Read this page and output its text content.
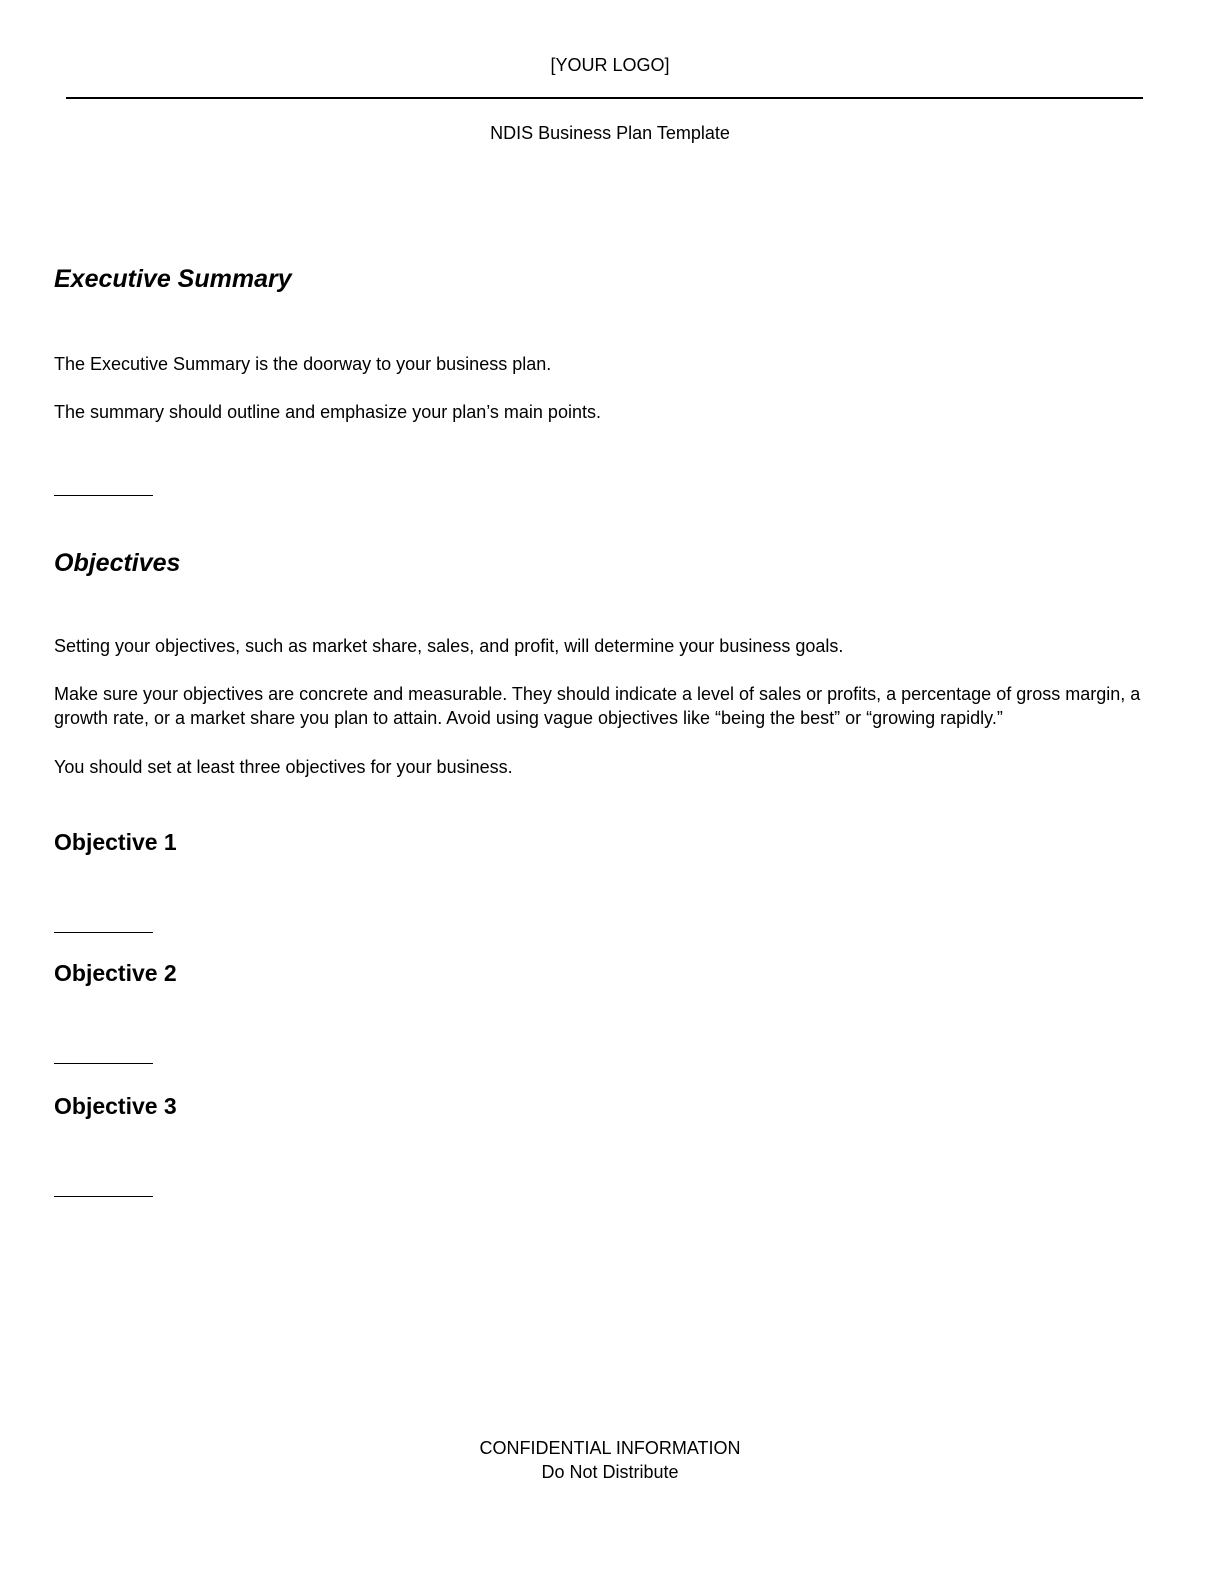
[YOUR LOGO]
NDIS Business Plan Template
Executive Summary

The Executive Summary is the doorway to your business plan.

The summary should outline and emphasize your plan’s main points.

Objectives

Setting your objectives, such as market share, sales, and profit, will determine your business goals.

Make sure your objectives are concrete and measurable. They should indicate a level of sales or profits, a percentage of gross margin, a growth rate, or a market share you plan to attain. Avoid using vague objectives like “being the best” or “growing rapidly.”

You should set at least three objectives for your business.

Objective 1
Objective 2
Objective 3
CONFIDENTIAL INFORMATION
Do Not Distribute
